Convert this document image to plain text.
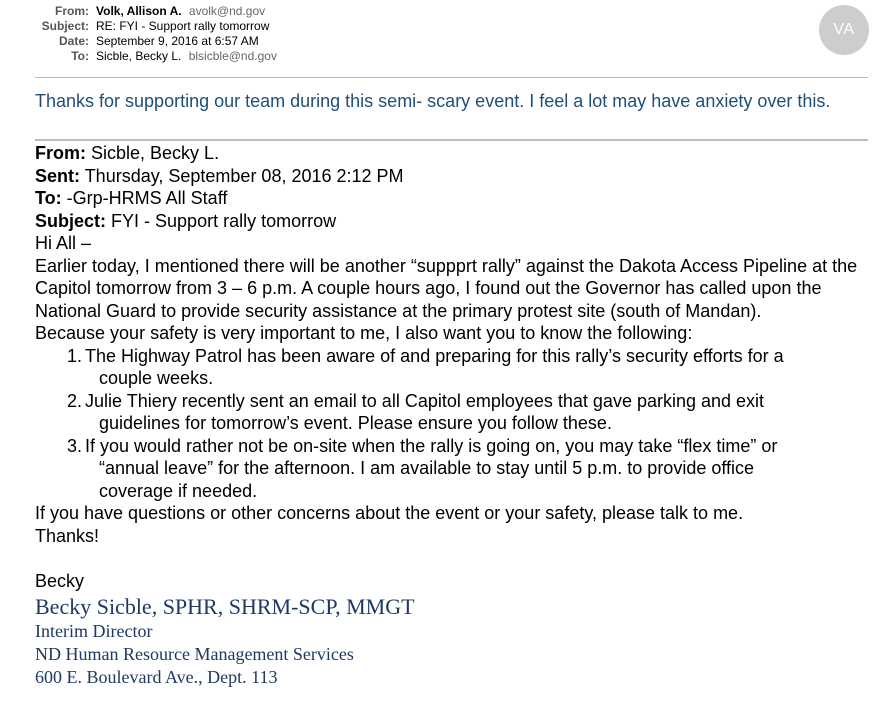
From: Volk, Allison A. avolk@nd.gov
Subject: RE: FYI - Support rally tomorrow
Date: September 9, 2016 at 6:57 AM
To: Sicble, Becky L. blsicble@nd.gov
VA
Thanks for supporting our team during this semi- scary event. I feel a lot may have anxiety over this.

From: Sicble, Becky L.

Sent: Thursday, September 08, 2016 2:12 PM

To: -Grp-HRMS All Staff

Subject: FYI - Support rally tomorrow

Hi All –

Earlier today, I mentioned there will be another “suppprt rally” against the Dakota Access Pipeline at the Capitol tomorrow from 3 – 6 p.m. A couple hours ago, I found out the Governor has called upon the National Guard to provide security assistance at the primary protest site (south of Mandan).

Because your safety is very important to me, I also want you to know the following:

1. The Highway Patrol has been aware of and preparing for this rally’s security efforts for a
couple weeks.
2. Julie Thiery recently sent an email to all Capitol employees that gave parking and exit
guidelines for tomorrow’s event. Please ensure you follow these.
3. If you would rather not be on-site when the rally is going on, you may take “flex time” or
“annual leave” for the afternoon. I am available to stay until 5 p.m. to provide office
coverage if needed.

If you have questions or other concerns about the event or your safety, please talk to me.

Thanks!

Becky

Becky Sicble, SPHR, SHRM-SCP, MMGT
Interim Director
ND Human Resource Management Services
600 E. Boulevard Ave., Dept. 113
